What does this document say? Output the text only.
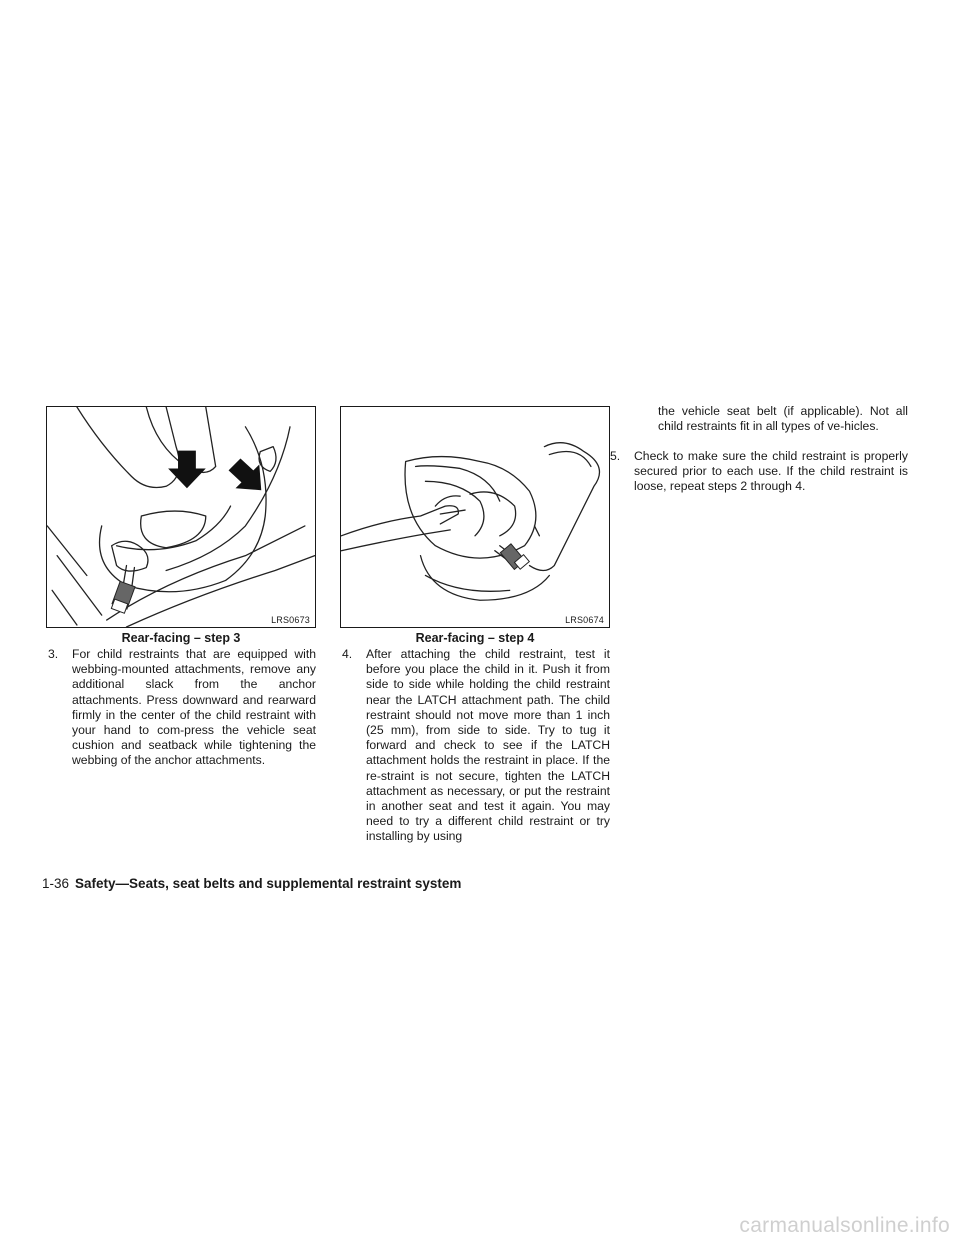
LRS0673
Rear-facing – step 3
LRS0674
Rear-facing – step 4
3.	For child restraints that are equipped with webbing-mounted attachments, remove any additional slack from the anchor attachments. Press downward and rearward firmly in the center of the child restraint with your hand to com-press the vehicle seat cushion and seatback while tightening the webbing of the anchor attachments.
4.	After attaching the child restraint, test it before you place the child in it. Push it from side to side while holding the child restraint near the LATCH attachment path. The child restraint should not move more than 1 inch (25 mm), from side to side. Try to tug it forward and check to see if the LATCH attachment holds the restraint in place. If the re-straint is not secure, tighten the LATCH attachment as necessary, or put the restraint in another seat and test it again. You may need to try a different child restraint or try installing by using
the vehicle seat belt (if applicable). Not all child restraints fit in all types of ve-hicles.
5.	Check to make sure the child restraint is properly secured prior to each use. If the child restraint is loose, repeat steps 2 through 4.
1-36 Safety—Seats, seat belts and supplemental restraint system
carmanualsonline.info
